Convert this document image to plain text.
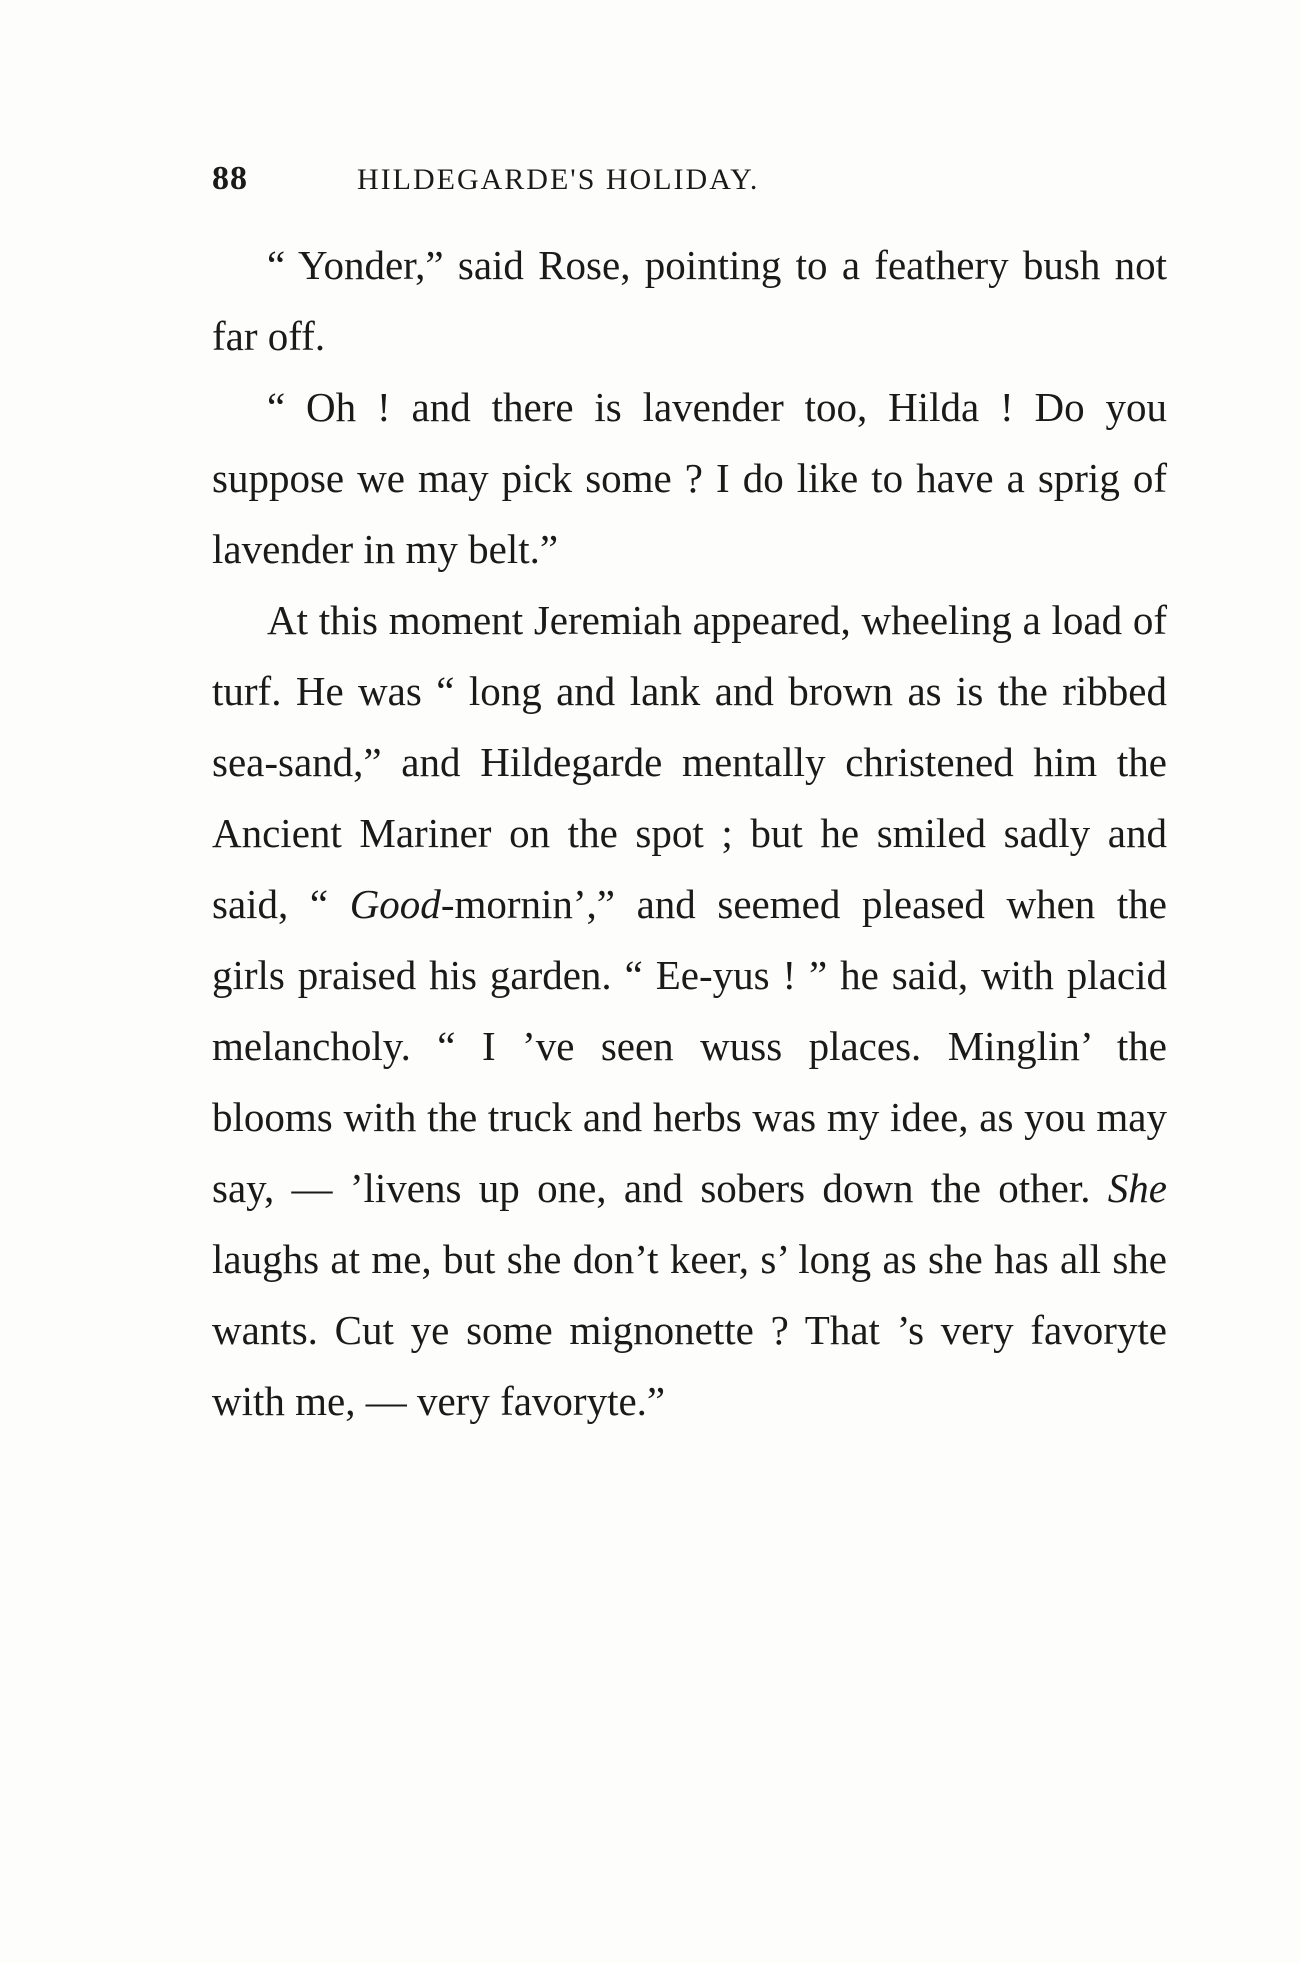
88	HILDEGARDE'S HOLIDAY.

“ Yonder,” said Rose, pointing to a feathery bush not far off.

“ Oh ! and there is lavender too, Hilda ! Do you suppose we may pick some ? I do like to have a sprig of lavender in my belt.”

At this moment Jeremiah appeared, wheeling a load of turf. He was “ long and lank and brown as is the ribbed sea-sand,” and Hildegarde mentally christened him the Ancient Mariner on the spot ; but he smiled sadly and said, “ Good-mornin’,” and seemed pleased when the girls praised his garden. “ Ee-yus ! ” he said, with placid melancholy. “ I ’ve seen wuss places. Minglin’ the blooms with the truck and herbs was my idee, as you may say, — ’livens up one, and sobers down the other. She laughs at me, but she don’t keer, s’ long as she has all she wants. Cut ye some mignonette ? That ’s very favoryte with me, — very favoryte.”
